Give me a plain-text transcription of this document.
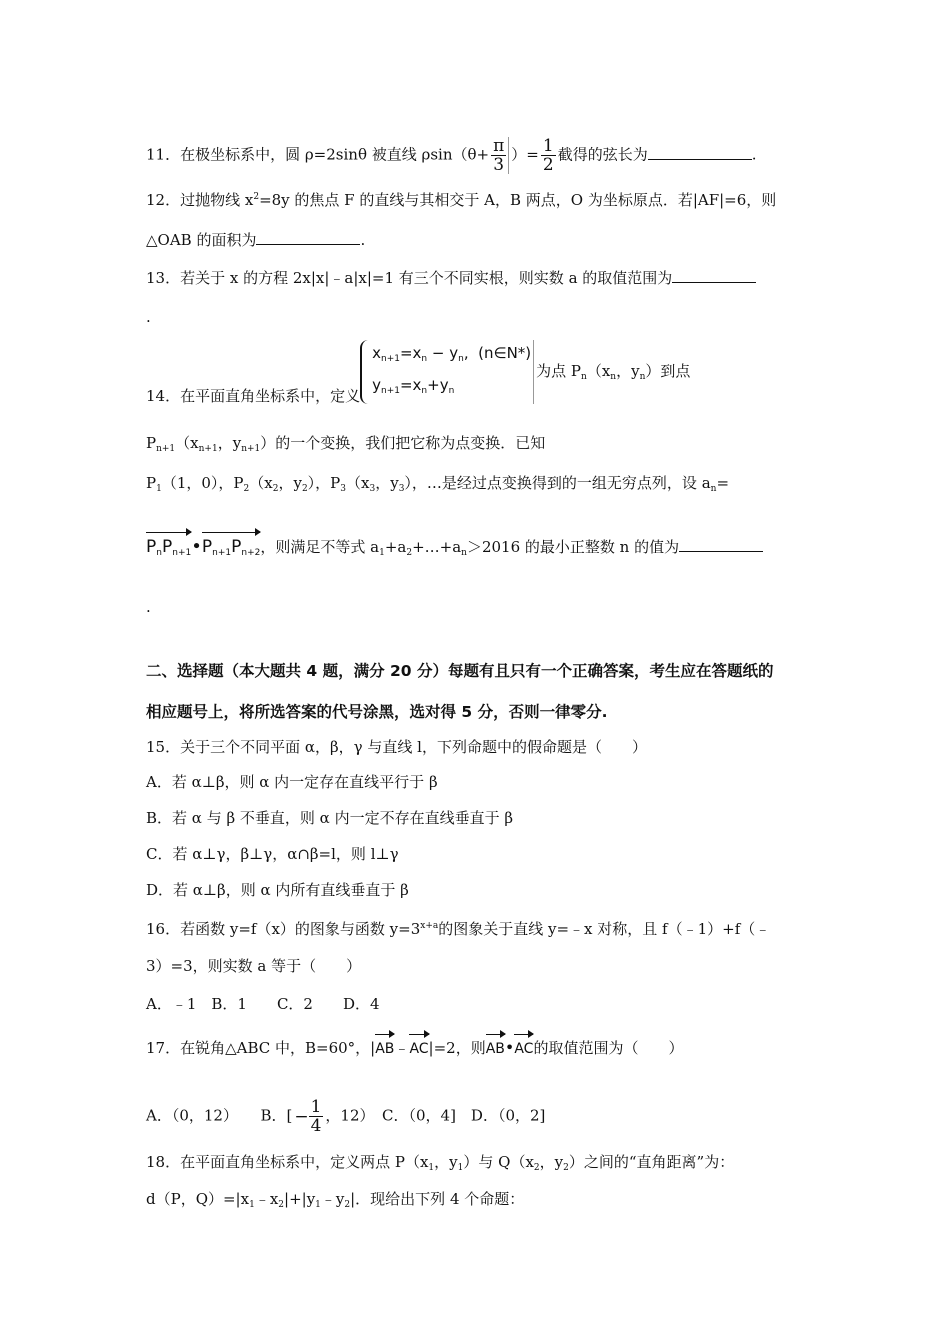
11．在极坐标系中，圆 ρ=2sinθ 被直线 $\rho\sin(\theta+ \frac{\pi}{3}$ ）= $\frac{1}{2}$ 截得的弦长为	.
12．过抛物线 $x^2=8y$ 的焦点 F 的直线与其相交于 A，B 两点，O 为坐标原点．若|AF|=6，则
△OAB 的面积为	.
13．若关于 x 的方程 2x|x|﹣a|x|=1 有三个不同实根，则实数 a 的取值范围为
.
14．在平面直角坐标系中，定义
$x_{n+1}=x_n - y_n$,  (n∈N*)
$y_{n+1}=x_n+y_n$为点 $P_n(x_n$，$y_n$）到点
$P_{n+1}(x_{n+1}$，$y_{n+1}$）的一个变换，我们把它称为点变换．已知
$P_1(1$，0），$P_2(x_2$，$y_2$），$P_3(x_3$，$y_3$），…是经过点变换得到的一组无穷点列，设 $a_n=$
$P_nP_{n+1}•P_{n+1}P_{n+2}$，则满足不等式 $a_1+a_2+\dots+a_n>2016$ 的最小正整数 n 的值为
.
二、选择题（本大题共 4 题，满分 20 分）每题有且只有一个正确答案，考生应在答题纸的
相应题号上，将所选答案的代号涂黑，选对得 5 分，否则一律零分.
15．关于三个不同平面 α，β，γ 与直线 l，下列命题中的假命题是（　　）
A．若 α⊥β，则 α 内一定存在直线平行于 β
B．若 α 与 β 不垂直，则 α 内一定不存在直线垂直于 β
C．若 α⊥γ，β⊥γ，α∩β=l，则 l⊥γ
D．若 α⊥β，则 α 内所有直线垂直于 β
16．若函数 y=f（x）的图象与函数 $y=3^{x+a}$的图象关于直线 y=﹣x 对称，且 f（﹣1）+f（﹣
3）=3，则实数 a 等于（　　）
A．﹣1　B．1　　C．2　　D．4
17．在锐角△ABC 中，B=60°，|AB﹣AC|=2，则AB•AC的取值范围为（　　）
A．（0，12）　　B．[ − $\frac{1}{4}$ ，12）　C．（0，4]　D．（0，2]
18．在平面直角坐标系中，定义两点 $P(x_1$，$y_1$）与 $Q(x_2$，$y_2$）之间的“直角距离”为：
d（P，$Q)=|x_1﹣x_2|+|y_1﹣y_2|$．现给出下列 4 个命题：
